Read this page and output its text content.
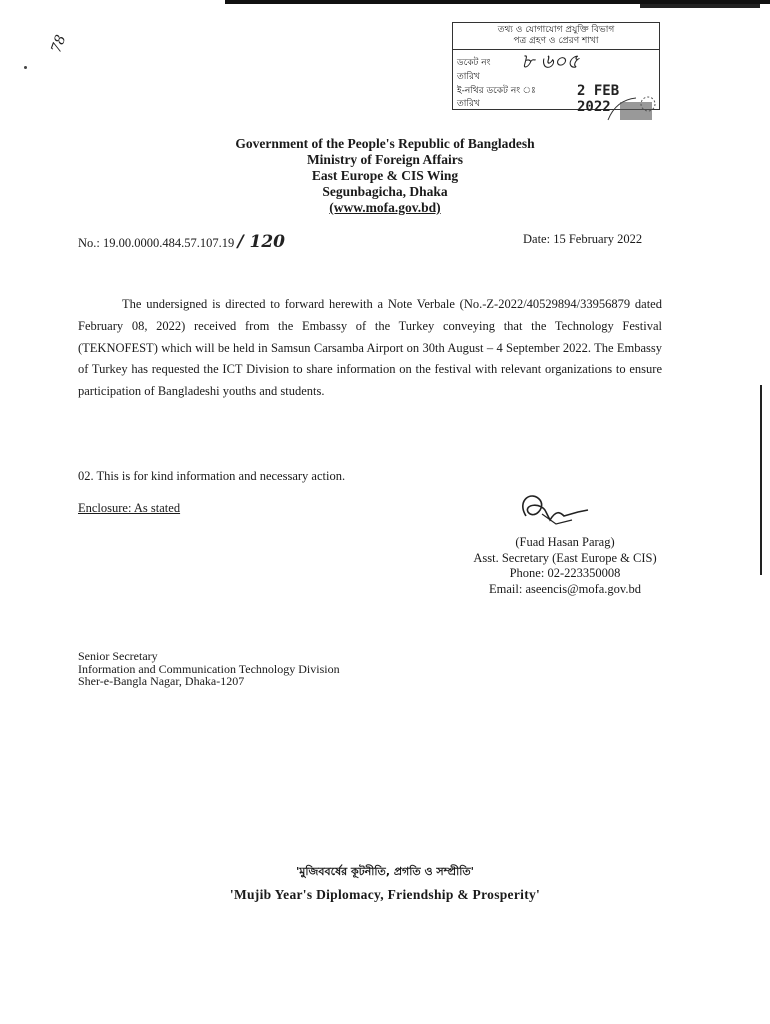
78
তথ্য ও যোগাযোগ প্রযুক্তি বিভাগ
পত্র গ্রহণ ও প্রেরণ শাখা
ডকেট নং ৮ ৬০৫
তারিখ
ই-নথির ডকেট নং ঃ
তারিখ
2 FEB 2022
Government of the People's Republic of Bangladesh
Ministry of Foreign Affairs
East Europe & CIS Wing
Segunbagicha, Dhaka
(www.mofa.gov.bd)
No.: 19.00.0000.484.57.107.19 / 120	Date: 15 February 2022
The undersigned is directed to forward herewith a Note Verbale (No.-Z-2022/40529894/33956879 dated February 08, 2022) received from the Embassy of the Turkey conveying that the Technology Festival (TEKNOFEST) which will be held in Samsun Carsamba Airport on 30th August – 4 September 2022. The Embassy of Turkey has requested the ICT Division to share information on the festival with relevant organizations to ensure participation of Bangladeshi youths and students.
02. This is for kind information and necessary action.
Enclosure: As stated
(Fuad Hasan Parag)
Asst. Secretary (East Europe & CIS)
Phone: 02-223350008
Email: aseencis@mofa.gov.bd
Senior Secretary
Information and Communication Technology Division
Sher-e-Bangla Nagar, Dhaka-1207
'মুজিববর্ষের কূটনীতি, প্রগতি ও সম্প্রীতি'
'Mujib Year's Diplomacy, Friendship & Prosperity'
